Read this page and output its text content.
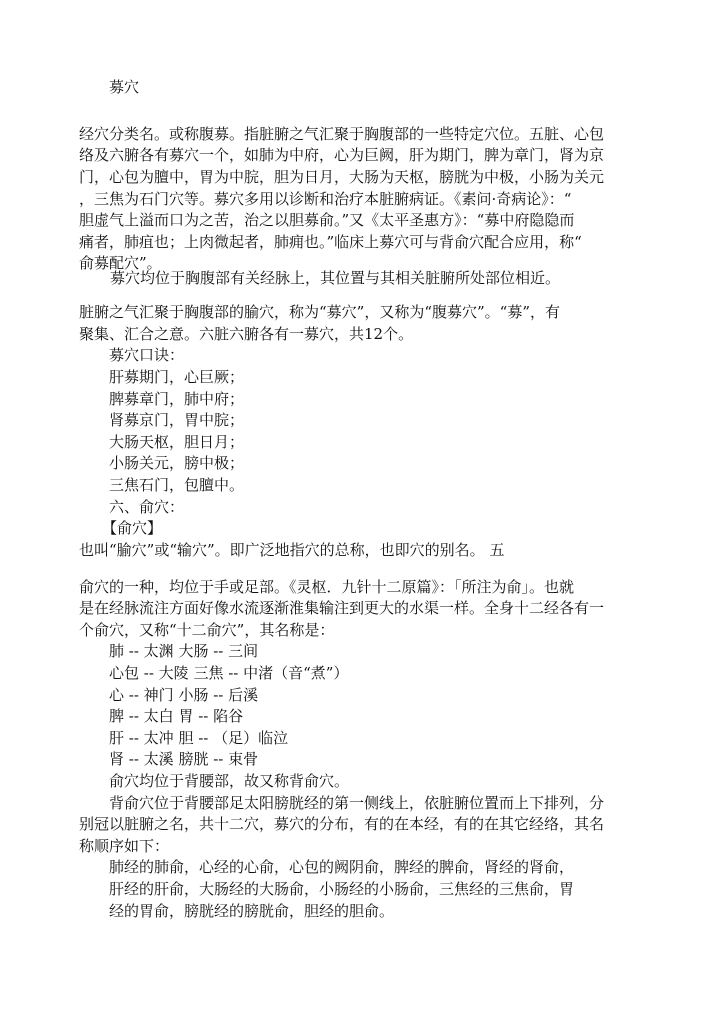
募穴
经穴分类名。或称腹募。指脏腑之气汇聚于胸腹部的一些特定穴位。五脏、心包
络及六腑各有募穴一个，如肺为中府，心为巨阙，肝为期门，脾为章门，肾为京
门，心包为膻中，胃为中脘，胆为日月，大肠为天枢，膀胱为中极，小肠为关元
，三焦为石门穴等。募穴多用以诊断和治疗本脏腑病证。《素问·奇病论》：“
胆虚气上溢而口为之苦，治之以胆募俞。”又《太平圣惠方》：“募中府隐隐而
痛者，肺疽也；上肉微起者，肺痈也。”临床上募穴可与背俞穴配合应用，称“
俞募配穴”。
募穴均位于胸腹部有关经脉上，其位置与其相关脏腑所处部位相近。
脏腑之气汇聚于胸腹部的腧穴，称为“募穴”，又称为“腹募穴”。“募”，有
聚集、汇合之意。六脏六腑各有一募穴，共12个。
募穴口诀：
肝募期门，心巨厥；
脾募章门，肺中府；
肾募京门，胃中脘；
大肠天枢，胆日月；
小肠关元，膀中极；
三焦石门，包膻中。
六、俞穴：
【俞穴】
也叫“腧穴”或“输穴”。即广泛地指穴的总称，也即穴的别名。 五
俞穴的一种，均位于手或足部。《灵枢．九针十二原篇》：「所注为俞」。也就
是在经脉流注方面好像水流逐渐淮集输注到更大的水渠一样。全身十二经各有一
个俞穴，又称“十二俞穴”，其名称是：
肺 -- 太渊 大肠 -- 三间
心包 -- 大陵 三焦 -- 中渚（音“煮”）
心 -- 神门 小肠 -- 后溪
脾 -- 太白 胃 -- 陷谷
肝 -- 太冲 胆 -- （足）临泣
肾 -- 太溪 膀胱 -- 束骨
俞穴均位于背腰部，故又称背俞穴。
背俞穴位于背腰部足太阳膀胱经的第一侧线上，依脏腑位置而上下排列，分
别冠以脏腑之名，共十二穴，募穴的分布，有的在本经，有的在其它经络，其名
称顺序如下：
肺经的肺俞，心经的心俞，心包的阙阴俞，脾经的脾俞，肾经的肾俞，
肝经的肝俞，大肠经的大肠俞，小肠经的小肠俞，三焦经的三焦俞，胃
经的胃俞，膀胱经的膀胱俞，胆经的胆俞。
